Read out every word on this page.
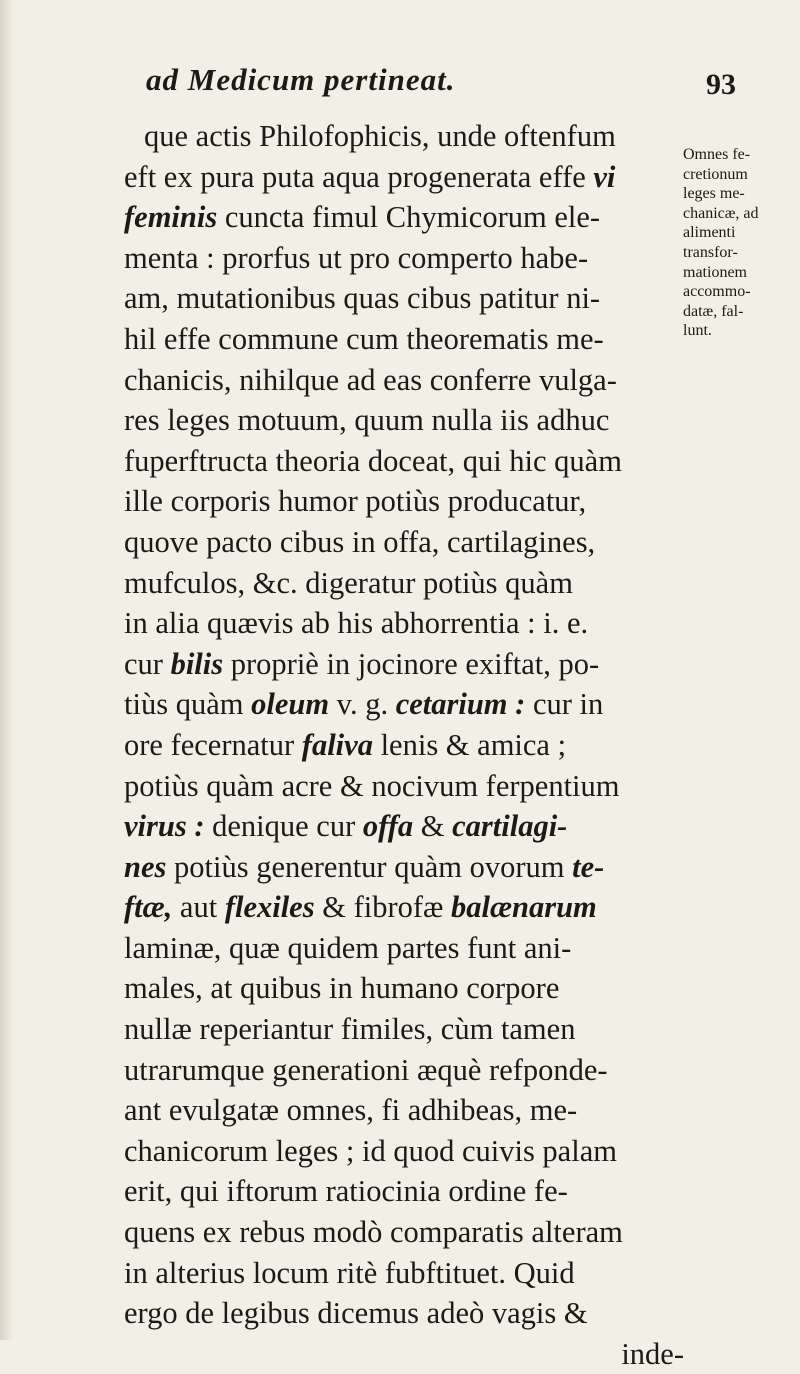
ad Medicum pertineat.	93
que actis Philofophicis, unde oftenfum
eft ex pura puta aqua progenerata effe vi
feminis cuncta fimul Chymicorum ele-
menta : prorfus ut pro comperto habe-
am, mutationibus quas cibus patitur ni-
hil effe commune cum theorematis me-
chanicis, nihilque ad eas conferre vulga-
res leges motuum, quum nulla iis adhuc
fuperftructa theoria doceat, qui hic quàm
ille corporis humor potiùs producatur,
quove pacto cibus in offa, cartilagines,
mufculos, &c. digeratur potiùs quàm
in alia quævis ab his abhorrentia : i. e.
cur bilis propriè in jocinore exiftat, po-
tiùs quàm oleum v. g. cetarium : cur in
ore fecernatur faliva lenis & amica ;
potiùs quàm acre & nocivum ferpentium
virus : denique cur offa & cartilagi-
nes potiùs generentur quàm ovorum te-
ftæ, aut flexiles & fibrofæ balænarum
laminæ, quæ quidem partes funt ani-
males, at quibus in humano corpore
nullæ reperiantur fimiles, cùm tamen
utrarumque generationi æquè refponde-
ant evulgatæ omnes, fi adhibeas, me-
chanicorum leges ; id quod cuivis palam
erit, qui iftorum ratiocinia ordine fe-
quens ex rebus modò comparatis alteram
in alterius locum ritè fubftituet. Quid
ergo de legibus dicemus adeò vagis &
inde-
Omnes fe-
cretionum
leges me-
chanicæ, ad
alimenti
transfor-
mationem
accommo-
datæ, fal-
lunt.
